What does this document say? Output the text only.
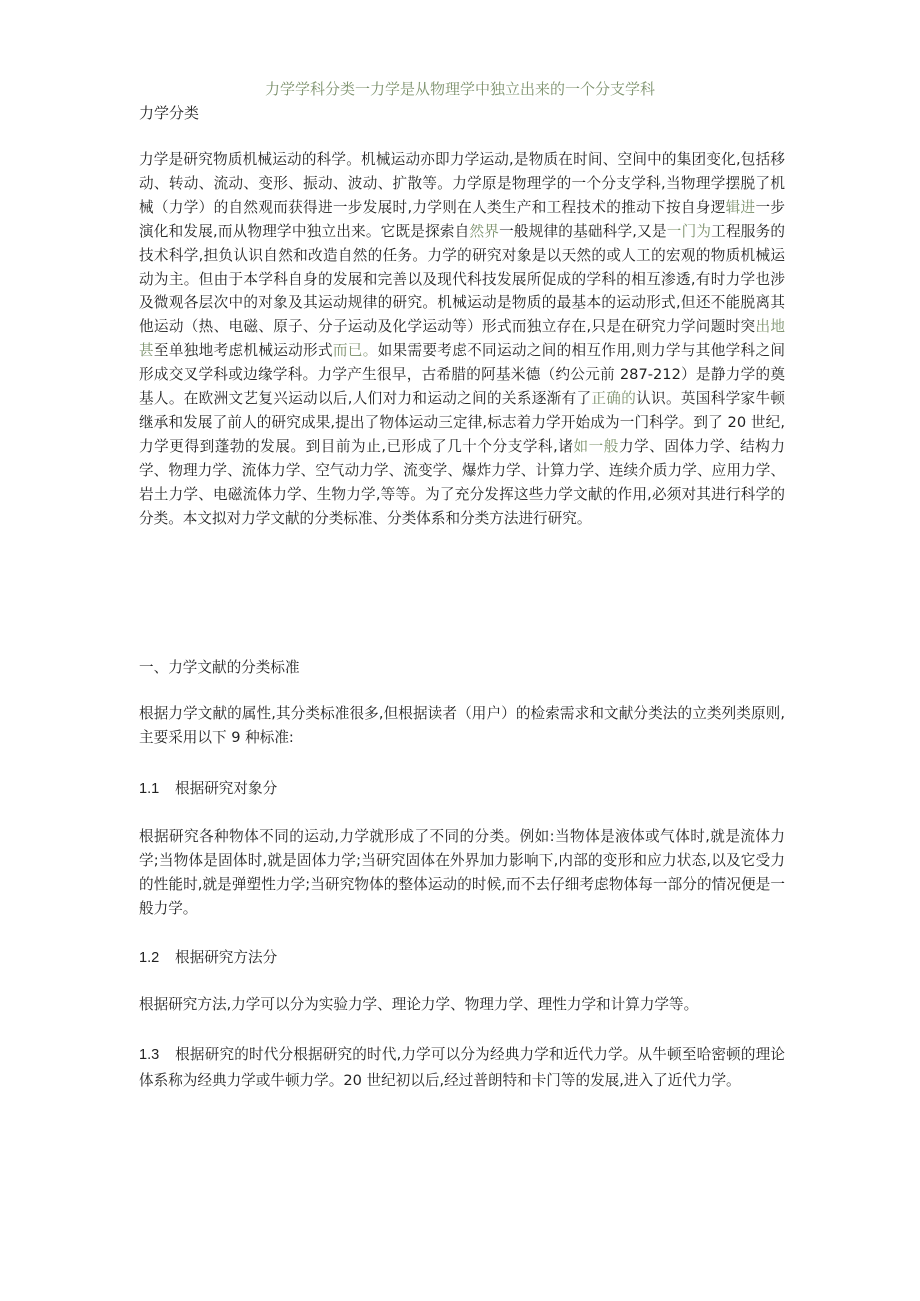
力学学科分类一力学是从物理学中独立出来的一个分支学科
力学分类

力学是研究物质机械运动的科学。机械运动亦即力学运动,是物质在时间、空间中的集团变化,包括移动、转动、流动、变形、振动、波动、扩散等。力学原是物理学的一个分支学科,当物理学摆脱了机械（力学）的自然观而获得进一步发展时,力学则在人类生产和工程技术的推动下按自身逻辑进一步演化和发展,而从物理学中独立出来。它既是探索自然界一般规律的基础科学,又是一门为工程服务的技术科学,担负认识自然和改造自然的任务。力学的研究对象是以天然的或人工的宏观的物质机械运动为主。但由于本学科自身的发展和完善以及现代科技发展所促成的学科的相互渗透,有时力学也涉及微观各层次中的对象及其运动规律的研究。机械运动是物质的最基本的运动形式,但还不能脱离其他运动（热、电磁、原子、分子运动及化学运动等）形式而独立存在,只是在研究力学问题时突出地甚至单独地考虑机械运动形式而已。如果需要考虑不同运动之间的相互作用,则力学与其他学科之间形成交叉学科或边缘学科。力学产生很早，古希腊的阿基米德（约公元前 287-212）是静力学的奠基人。在欧洲文艺复兴运动以后,人们对力和运动之间的关系逐渐有了正确的认识。英国科学家牛顿继承和发展了前人的研究成果,提出了物体运动三定律,标志着力学开始成为一门科学。到了 20 世纪,力学更得到蓬勃的发展。到目前为止,已形成了几十个分支学科,诸如一般力学、固体力学、结构力学、物理力学、流体力学、空气动力学、流变学、爆炸力学、计算力学、连续介质力学、应用力学、岩土力学、电磁流体力学、生物力学,等等。为了充分发挥这些力学文献的作用,必须对其进行科学的分类。本文拟对力学文献的分类标准、分类体系和分类方法进行研究。

一、力学文献的分类标准

根据力学文献的属性,其分类标准很多,但根据读者（用户）的检索需求和文献分类法的立类列类原则,主要采用以下 9 种标准:

1.1 根据研究对象分

根据研究各种物体不同的运动,力学就形成了不同的分类。例如:当物体是液体或气体时,就是流体力学;当物体是固体时,就是固体力学;当研究固体在外界加力影响下,内部的变形和应力状态,以及它受力的性能时,就是弹塑性力学;当研究物体的整体运动的时候,而不去仔细考虑物体每一部分的情况便是一般力学。

1.2 根据研究方法分

根据研究方法,力学可以分为实验力学、理论力学、物理力学、理性力学和计算力学等。

1.3 根据研究的时代分根据研究的时代,力学可以分为经典力学和近代力学。从牛顿至哈密顿的理论体系称为经典力学或牛顿力学。20 世纪初以后,经过普朗特和卡门等的发展,进入了近代力学。
